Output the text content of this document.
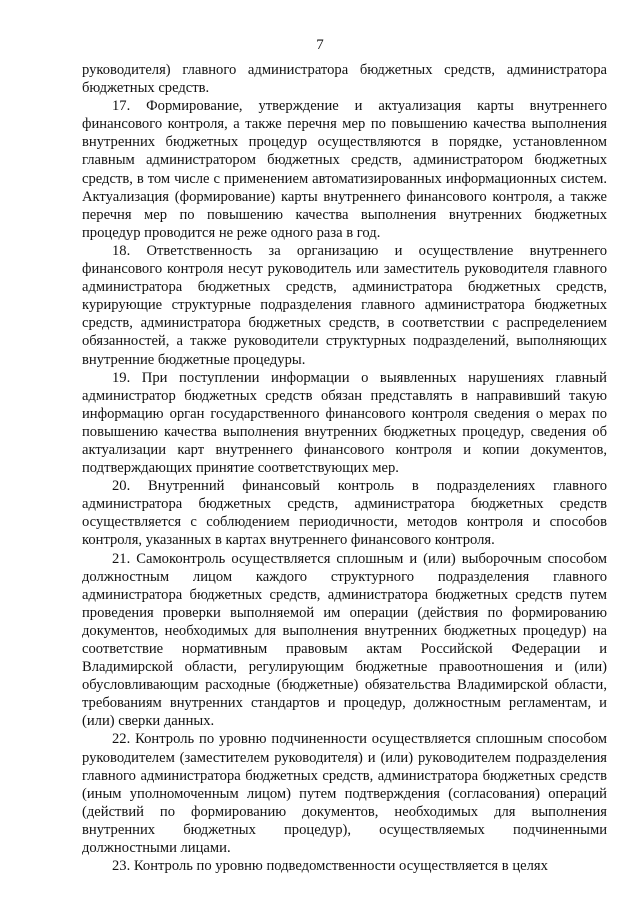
7

руководителя) главного администратора бюджетных средств, администратора бюджетных средств.

17. Формирование, утверждение и актуализация карты внутреннего финансового контроля, а также перечня мер по повышению качества выполнения внутренних бюджетных процедур осуществляются в порядке, установленном главным администратором бюджетных средств, администратором бюджетных средств, в том числе с применением автоматизированных информационных систем. Актуализация (формирование) карты внутреннего финансового контроля, а также перечня мер по повышению качества выполнения внутренних бюджетных процедур проводится не реже одного раза в год.

18. Ответственность за организацию и осуществление внутреннего финансового контроля несут руководитель или заместитель руководителя главного администратора бюджетных средств, администратора бюджетных средств, курирующие структурные подразделения главного администратора бюджетных средств, администратора бюджетных средств, в соответствии с распределением обязанностей, а также руководители структурных подразделений, выполняющих внутренние бюджетные процедуры.

19. При поступлении информации о выявленных нарушениях главный администратор бюджетных средств обязан представлять в направивший такую информацию орган государственного финансового контроля сведения о мерах по повышению качества выполнения внутренних бюджетных процедур, сведения об актуализации карт внутреннего финансового контроля и копии документов, подтверждающих принятие соответствующих мер.

20. Внутренний финансовый контроль в подразделениях главного администратора бюджетных средств, администратора бюджетных средств осуществляется с соблюдением периодичности, методов контроля и способов контроля, указанных в картах внутреннего финансового контроля.

21. Самоконтроль осуществляется сплошным и (или) выборочным способом должностным лицом каждого структурного подразделения главного администратора бюджетных средств, администратора бюджетных средств путем проведения проверки выполняемой им операции (действия по формированию документов, необходимых для выполнения внутренних бюджетных процедур) на соответствие нормативным правовым актам Российской Федерации и Владимирской области, регулирующим бюджетные правоотношения и (или) обусловливающим расходные (бюджетные) обязательства Владимирской области, требованиям внутренних стандартов и процедур, должностным регламентам, и (или) сверки данных.

22. Контроль по уровню подчиненности осуществляется сплошным способом руководителем (заместителем руководителя) и (или) руководителем подразделения главного администратора бюджетных средств, администратора бюджетных средств (иным уполномоченным лицом) путем подтверждения (согласования) операций (действий по формированию документов, необходимых для выполнения внутренних бюджетных процедур), осуществляемых подчиненными должностными лицами.

23. Контроль по уровню подведомственности осуществляется в целях
